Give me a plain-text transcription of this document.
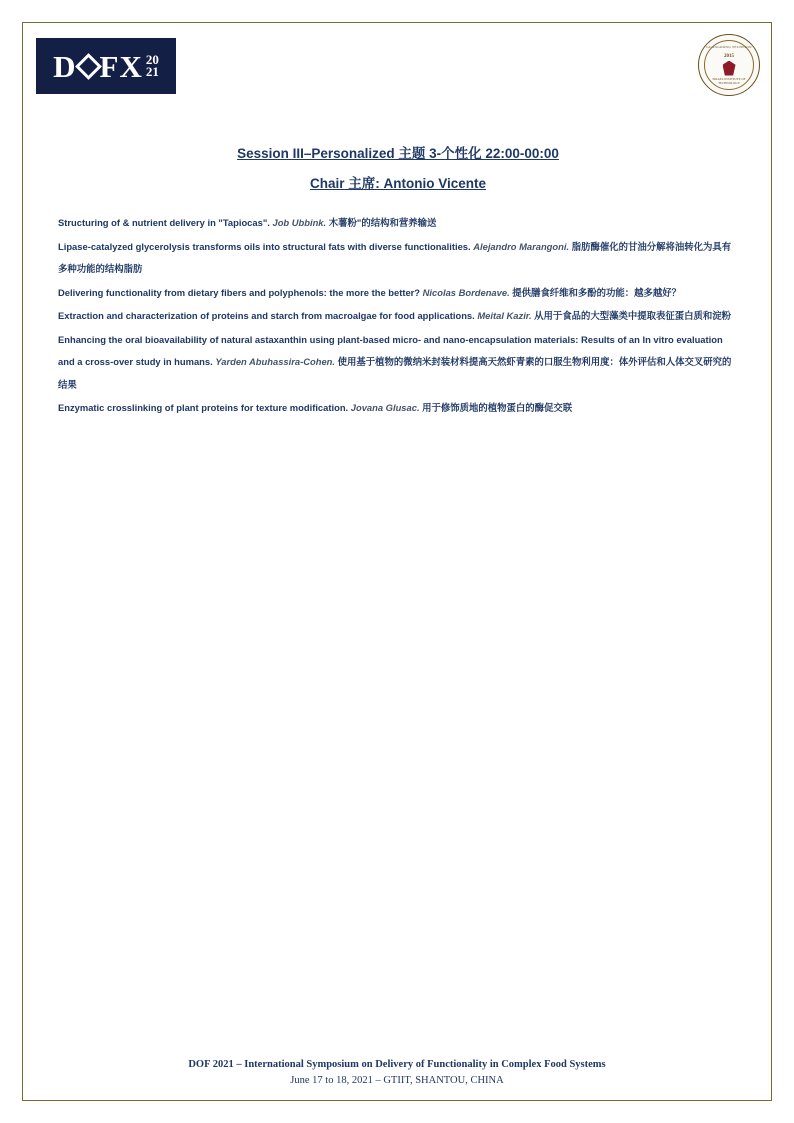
D F X 20
21
GUANGDONG TECHNION
2015
ISRAEL INSTITUTE OF TECHNOLOGY
Session III–Personalized 主题 3-个性化 22:00-00:00
Chair 主席: Antonio Vicente
Structuring of & nutrient delivery in "Tapiocas". Job Ubbink. 木薯粉"的结构和营养输送
Lipase-catalyzed glycerolysis transforms oils into structural fats with diverse functionalities. Alejandro Marangoni. 脂肪酶催化的甘油分解将油转化为具有多种功能的结构脂肪
Delivering functionality from dietary fibers and polyphenols: the more the better? Nicolas Bordenave. 提供膳食纤维和多酚的功能：越多越好？
Extraction and characterization of proteins and starch from macroalgae for food applications. Meital Kazir. 从用于食品的大型藻类中提取表征蛋白质和淀粉
Enhancing the oral bioavailability of natural astaxanthin using plant-based micro- and nano-encapsulation materials: Results of an In vitro evaluation and a cross-over study in humans. Yarden Abuhassira-Cohen. 使用基于植物的微纳米封装材料提高天然虾青素的口服生物利用度：体外评估和人体交叉研究的结果
Enzymatic crosslinking of plant proteins for texture modification. Jovana Glusac. 用于修饰质地的植物蛋白的酶促交联
DOF 2021 – International Symposium on Delivery of Functionality in Complex Food Systems
June 17 to 18, 2021 – GTIIT, SHANTOU, CHINA
